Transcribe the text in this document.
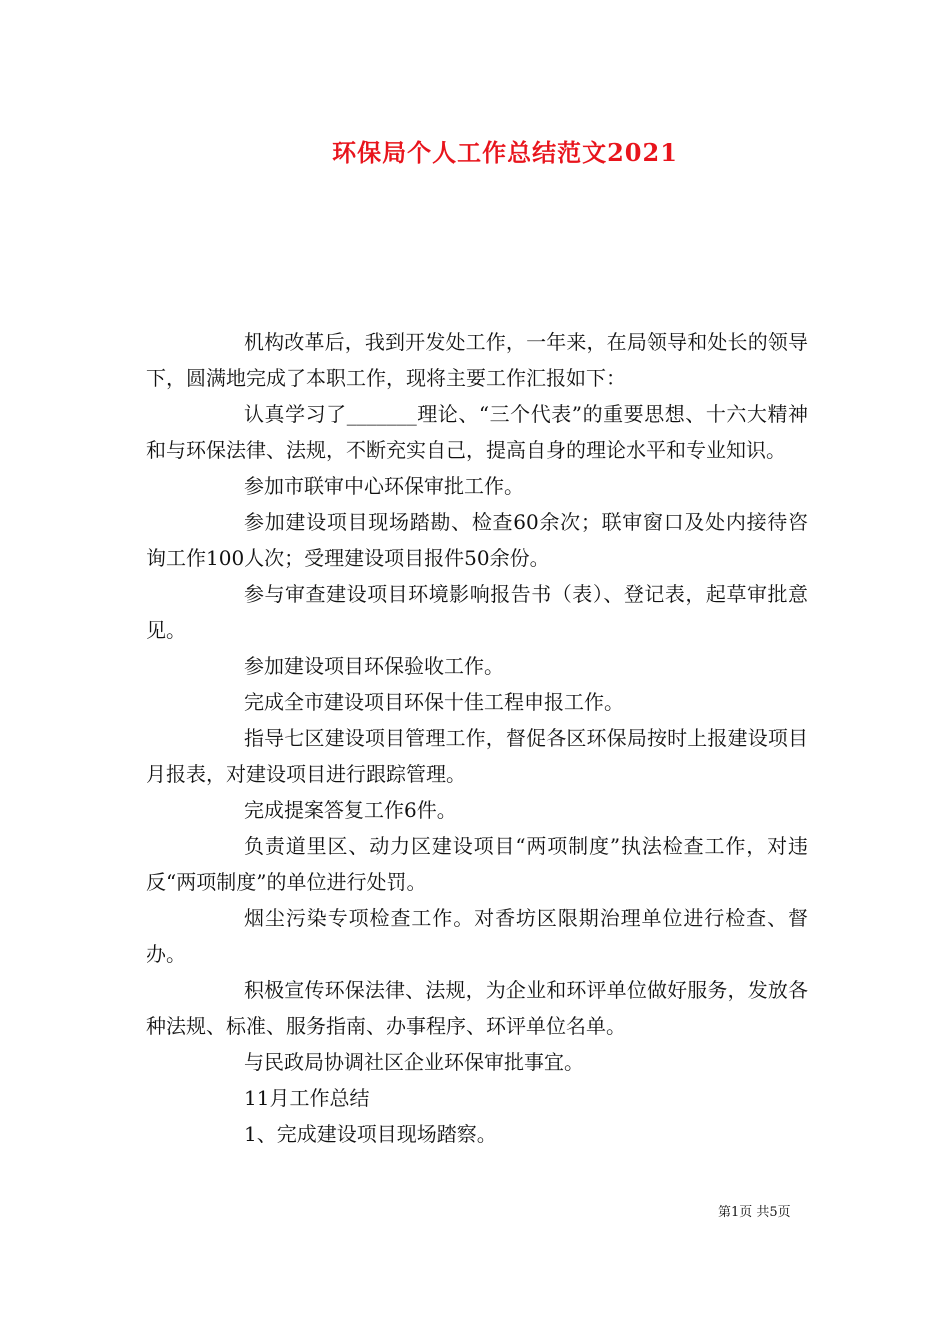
环保局个人工作总结范文2021

机构改革后，我到开发处工作，一年来，在局领导和处长的领导下，圆满地完成了本职工作，现将主要工作汇报如下：

认真学习了_______理论、“三个代表”的重要思想、十六大精神和与环保法律、法规，不断充实自己，提高自身的理论水平和专业知识。

参加市联审中心环保审批工作。

参加建设项目现场踏勘、检查60余次；联审窗口及处内接待咨询工作100人次；受理建设项目报件50余份。

参与审查建设项目环境影响报告书（表）、登记表，起草审批意见。

参加建设项目环保验收工作。

完成全市建设项目环保十佳工程申报工作。

指导七区建设项目管理工作，督促各区环保局按时上报建设项目月报表，对建设项目进行跟踪管理。

完成提案答复工作6件。

负责道里区、动力区建设项目“两项制度”执法检查工作，对违反“两项制度”的单位进行处罚。

烟尘污染专项检查工作。对香坊区限期治理单位进行检查、督办。

积极宣传环保法律、法规，为企业和环评单位做好服务，发放各种法规、标准、服务指南、办事程序、环评单位名单。

与民政局协调社区企业环保审批事宜。

11月工作总结

1、完成建设项目现场踏察。

第1页 共5页
